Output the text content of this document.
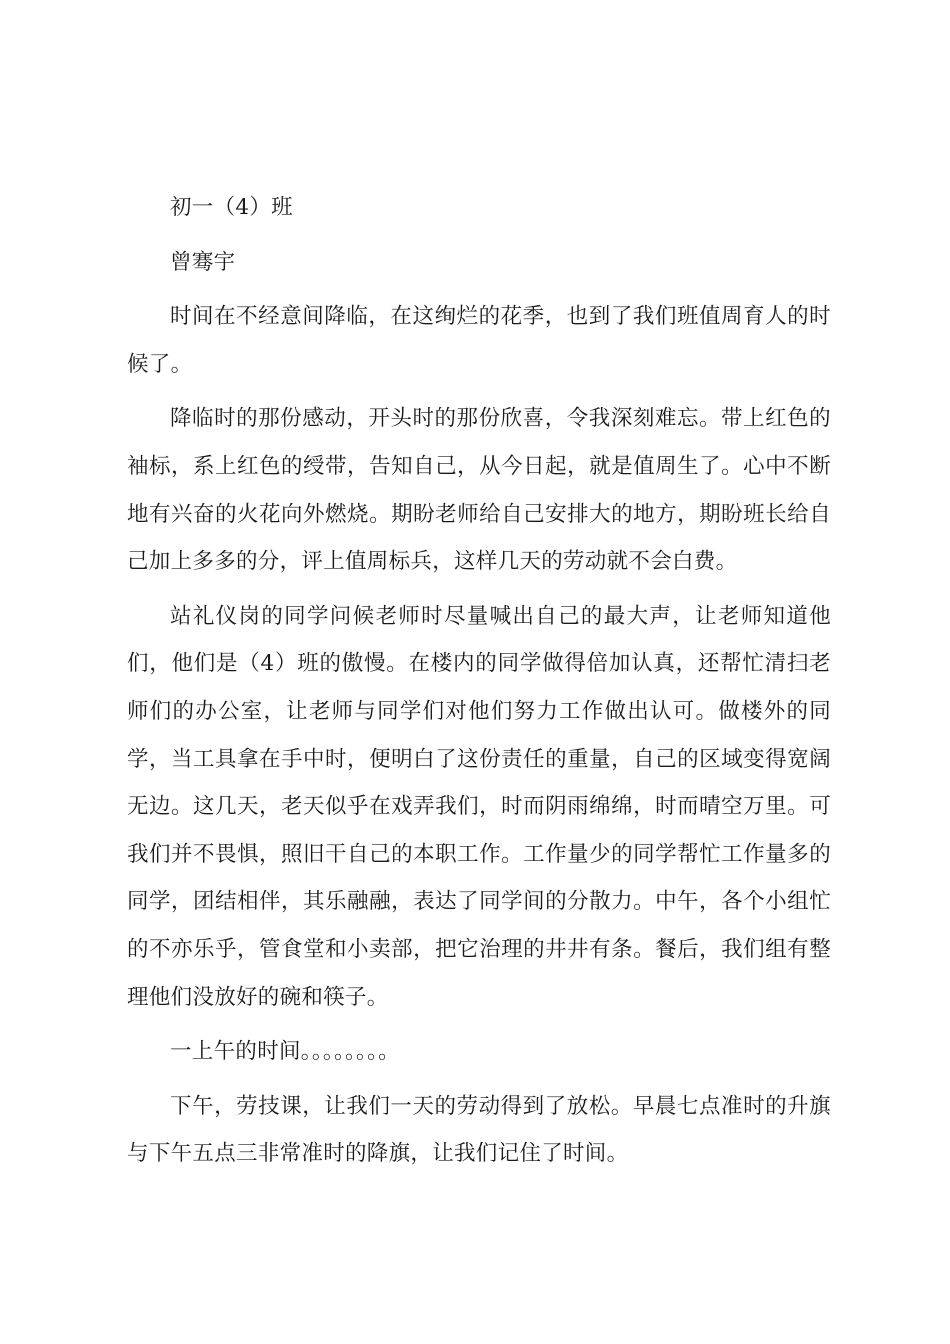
初一（4）班

曾骞宇

时间在不经意间降临，在这绚烂的花季，也到了我们班值周育人的时候了。

降临时的那份感动，开头时的那份欣喜，令我深刻难忘。带上红色的袖标，系上红色的绶带，告知自己，从今日起，就是值周生了。心中不断地有兴奋的火花向外燃烧。期盼老师给自己安排大的地方，期盼班长给自己加上多多的分，评上值周标兵，这样几天的劳动就不会白费。

站礼仪岗的同学问候老师时尽量喊出自己的最大声，让老师知道他们，他们是（4）班的傲慢。在楼内的同学做得倍加认真，还帮忙清扫老师们的办公室，让老师与同学们对他们努力工作做出认可。做楼外的同学，当工具拿在手中时，便明白了这份责任的重量，自己的区域变得宽阔无边。这几天，老天似乎在戏弄我们，时而阴雨绵绵，时而晴空万里。可我们并不畏惧，照旧干自己的本职工作。工作量少的同学帮忙工作量多的同学，团结相伴，其乐融融，表达了同学间的分散力。中午，各个小组忙的不亦乐乎，管食堂和小卖部，把它治理的井井有条。餐后，我们组有整理他们没放好的碗和筷子。

一上午的时间。。。。。。。。

下午，劳技课，让我们一天的劳动得到了放松。早晨七点准时的升旗与下午五点三非常准时的降旗，让我们记住了时间。
